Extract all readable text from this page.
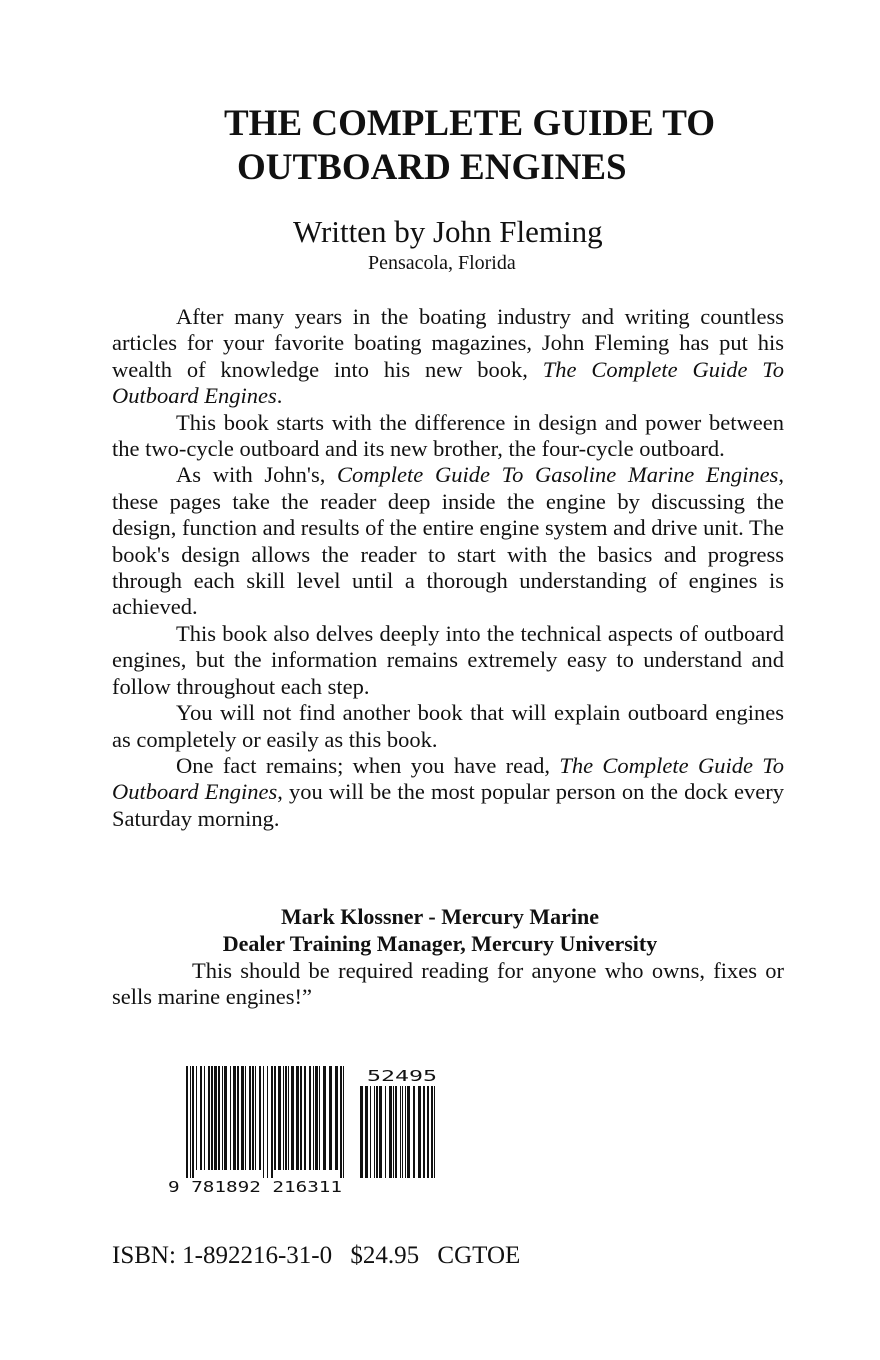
THE COMPLETE GUIDE TO
OUTBOARD ENGINES
Written by John Fleming
Pensacola, Florida

After many years in the boating industry and writing countless articles for your favorite boating magazines, John Fleming has put his wealth of knowledge into his new book, The Complete Guide To Outboard Engines.

This book starts with the difference in design and power between the two-cycle outboard and its new brother, the four-cycle outboard.

As with John's, Complete Guide To Gasoline Marine Engines, these pages take the reader deep inside the engine by discussing the design, function and results of the entire engine system and drive unit. The book's design allows the reader to start with the basics and progress through each skill level until a thorough understanding of engines is achieved.

This book also delves deeply into the technical aspects of outboard engines, but the information remains extremely easy to understand and follow throughout each step.

You will not find another book that will explain outboard engines as completely or easily as this book.

One fact remains; when you have read, The Complete Guide To Outboard Engines, you will be the most popular person on the dock every Saturday morning.

Mark Klossner - Mercury Marine
Dealer Training Manager, Mercury University

This should be required reading for anyone who owns, fixes or sells marine engines!”

9 781892 216311
52495
ISBN: 1-892216-31-0 $24.95 CGTOE
